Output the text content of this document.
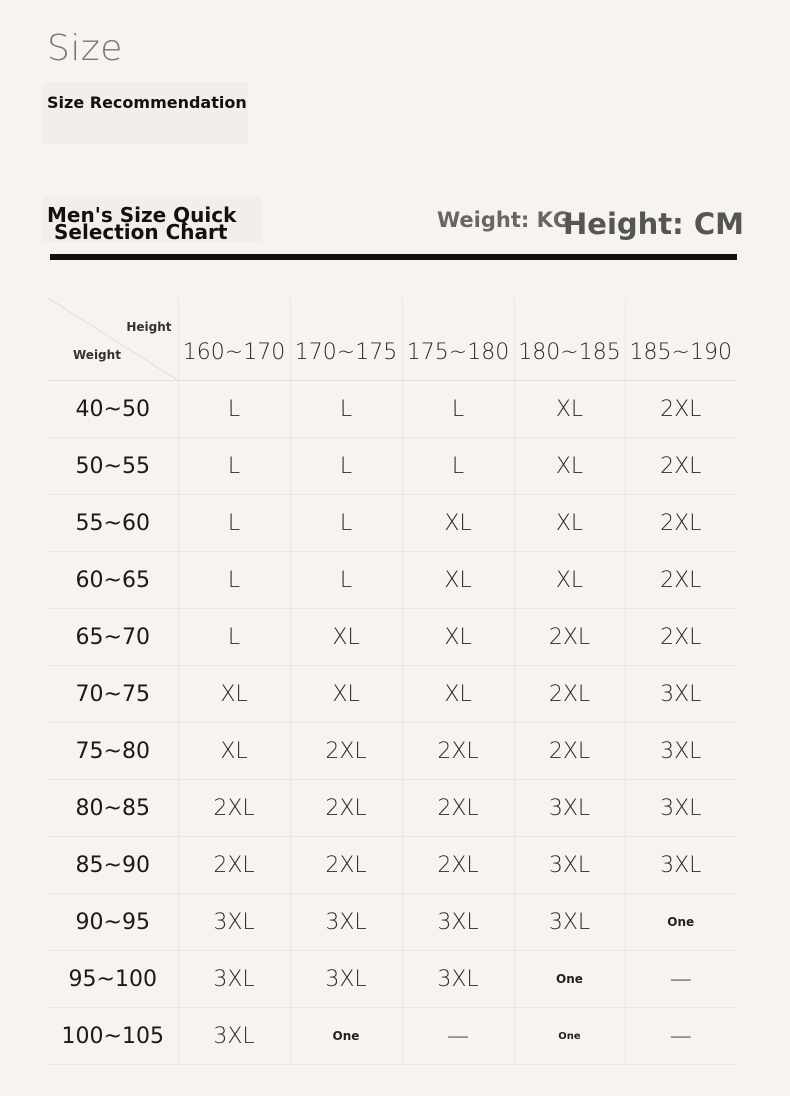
Size
Size Recommendation
Men's Size Quick
Selection Chart	Weight: KG
Height: CM
Height
Weight	160~170	170~175	175~180	180~185	185~190
40~50	L	L	L	XL	2XL
50~55	L	L	L	XL	2XL
55~60	L	L	XL	XL	2XL
60~65	L	L	XL	XL	2XL
65~70	L	XL	XL	2XL	2XL
70~75	XL	XL	XL	2XL	3XL
75~80	XL	2XL	2XL	2XL	3XL
80~85	2XL	2XL	2XL	3XL	3XL
85~90	2XL	2XL	2XL	3XL	3XL
90~95	3XL	3XL	3XL	3XL	One
95~100	3XL	3XL	3XL	One	—
100~105	3XL	One	—	One	—
